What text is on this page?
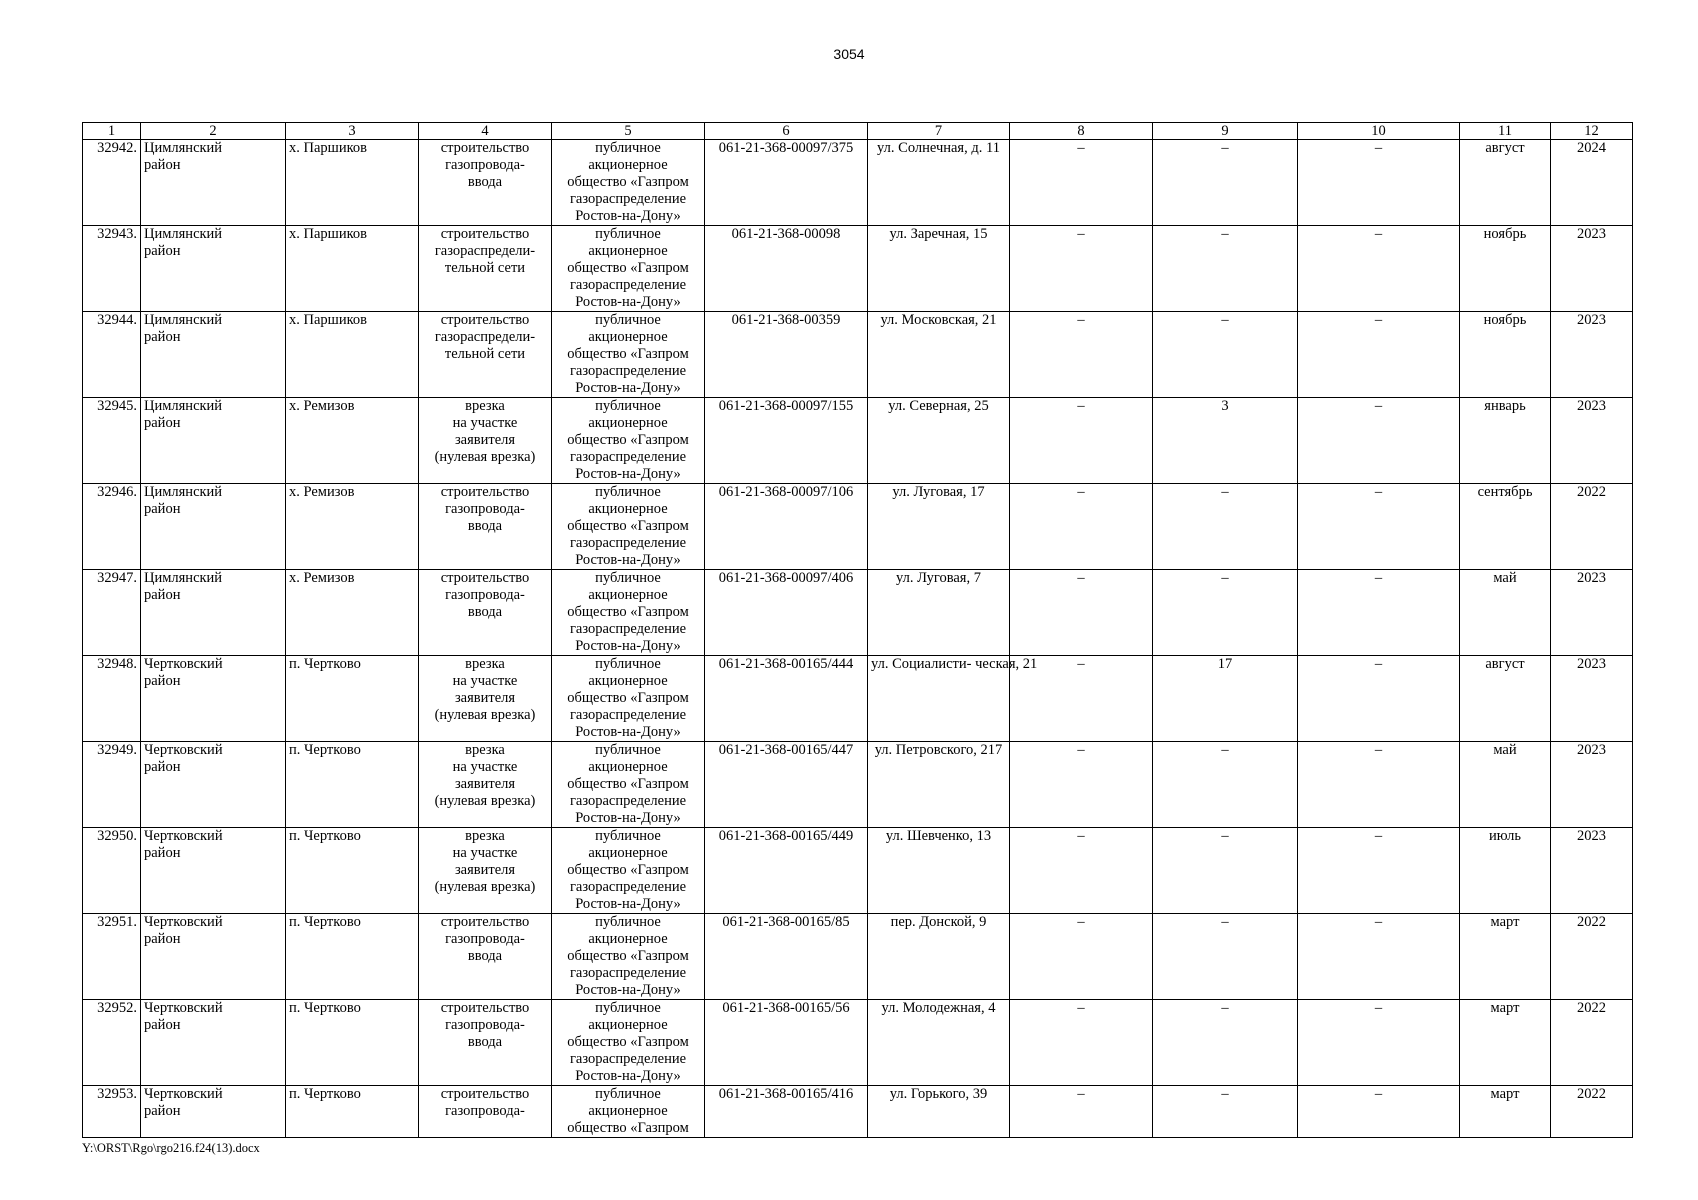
3054
1	2	3	4	5	6	7	8	9	10	11	12
32942.	Цимлянский
район	х. Паршиков	строительство
газопровода-
ввода	публичное
акционерное
общество «Газпром
газораспределение
Ростов-на-Дону»	061-21-368-00097/375	ул. Солнечная, д. 11	–	–	–	август	2024
32943.	Цимлянский
район	х. Паршиков	строительство
газораспредели-
тельной сети	публичное
акционерное
общество «Газпром
газораспределение
Ростов-на-Дону»	061-21-368-00098	ул. Заречная, 15	–	–	–	ноябрь	2023
32944.	Цимлянский
район	х. Паршиков	строительство
газораспредели-
тельной сети	публичное
акционерное
общество «Газпром
газораспределение
Ростов-на-Дону»	061-21-368-00359	ул. Московская, 21	–	–	–	ноябрь	2023
32945.	Цимлянский
район	х. Ремизов	врезка
на участке
заявителя
(нулевая врезка)	публичное
акционерное
общество «Газпром
газораспределение
Ростов-на-Дону»	061-21-368-00097/155	ул. Северная, 25	–	3	–	январь	2023
32946.	Цимлянский
район	х. Ремизов	строительство
газопровода-
ввода	публичное
акционерное
общество «Газпром
газораспределение
Ростов-на-Дону»	061-21-368-00097/106	ул. Луговая, 17	–	–	–	сентябрь	2022
32947.	Цимлянский
район	х. Ремизов	строительство
газопровода-
ввода	публичное
акционерное
общество «Газпром
газораспределение
Ростов-на-Дону»	061-21-368-00097/406	ул. Луговая, 7	–	–	–	май	2023
32948.	Чертковский
район	п. Чертково	врезка
на участке
заявителя
(нулевая врезка)	публичное
акционерное
общество «Газпром
газораспределение
Ростов-на-Дону»	061-21-368-00165/444	ул. Социалисти- ческая, 21	–	17	–	август	2023
32949.	Чертковский
район	п. Чертково	врезка
на участке
заявителя
(нулевая врезка)	публичное
акционерное
общество «Газпром
газораспределение
Ростов-на-Дону»	061-21-368-00165/447	ул. Петровского, 217	–	–	–	май	2023
32950.	Чертковский
район	п. Чертково	врезка
на участке
заявителя
(нулевая врезка)	публичное
акционерное
общество «Газпром
газораспределение
Ростов-на-Дону»	061-21-368-00165/449	ул. Шевченко, 13	–	–	–	июль	2023
32951.	Чертковский
район	п. Чертково	строительство
газопровода-
ввода	публичное
акционерное
общество «Газпром
газораспределение
Ростов-на-Дону»	061-21-368-00165/85	пер. Донской, 9	–	–	–	март	2022
32952.	Чертковский
район	п. Чертково	строительство
газопровода-
ввода	публичное
акционерное
общество «Газпром
газораспределение
Ростов-на-Дону»	061-21-368-00165/56	ул. Молодежная, 4	–	–	–	март	2022
32953.	Чертковский
район	п. Чертково	строительство
газопровода-	публичное
акционерное
общество «Газпром	061-21-368-00165/416	ул. Горького, 39	–	–	–	март	2022
Y:\ORST\Rgo\rgo216.f24(13).docx
